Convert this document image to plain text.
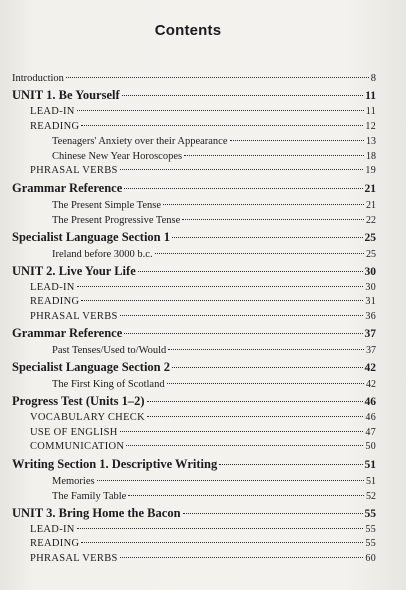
Contents
Introduction	8
UNIT 1. Be Yourself	11
LEAD-IN	11
READING	12
Teenagers' Anxiety over their Appearance	13
Chinese New Year Horoscopes	18
PHRASAL VERBS	19
Grammar Reference	21
The Present Simple Tense	21
The Present Progressive Tense	22
Specialist Language Section 1	25
Ireland before 3000 b.c.	25
UNIT 2. Live Your Life	30
LEAD-IN	30
READING	31
PHRASAL VERBS	36
Grammar Reference	37
Past Tenses/Used to/Would	37
Specialist Language Section 2	42
The First King of Scotland	42
Progress Test (Units 1–2)	46
VOCABULARY CHECK	46
USE OF ENGLISH	47
COMMUNICATION	50
Writing Section 1. Descriptive Writing	51
Memories	51
The Family Table	52
UNIT 3. Bring Home the Bacon	55
LEAD-IN	55
READING	55
PHRASAL VERBS	60
